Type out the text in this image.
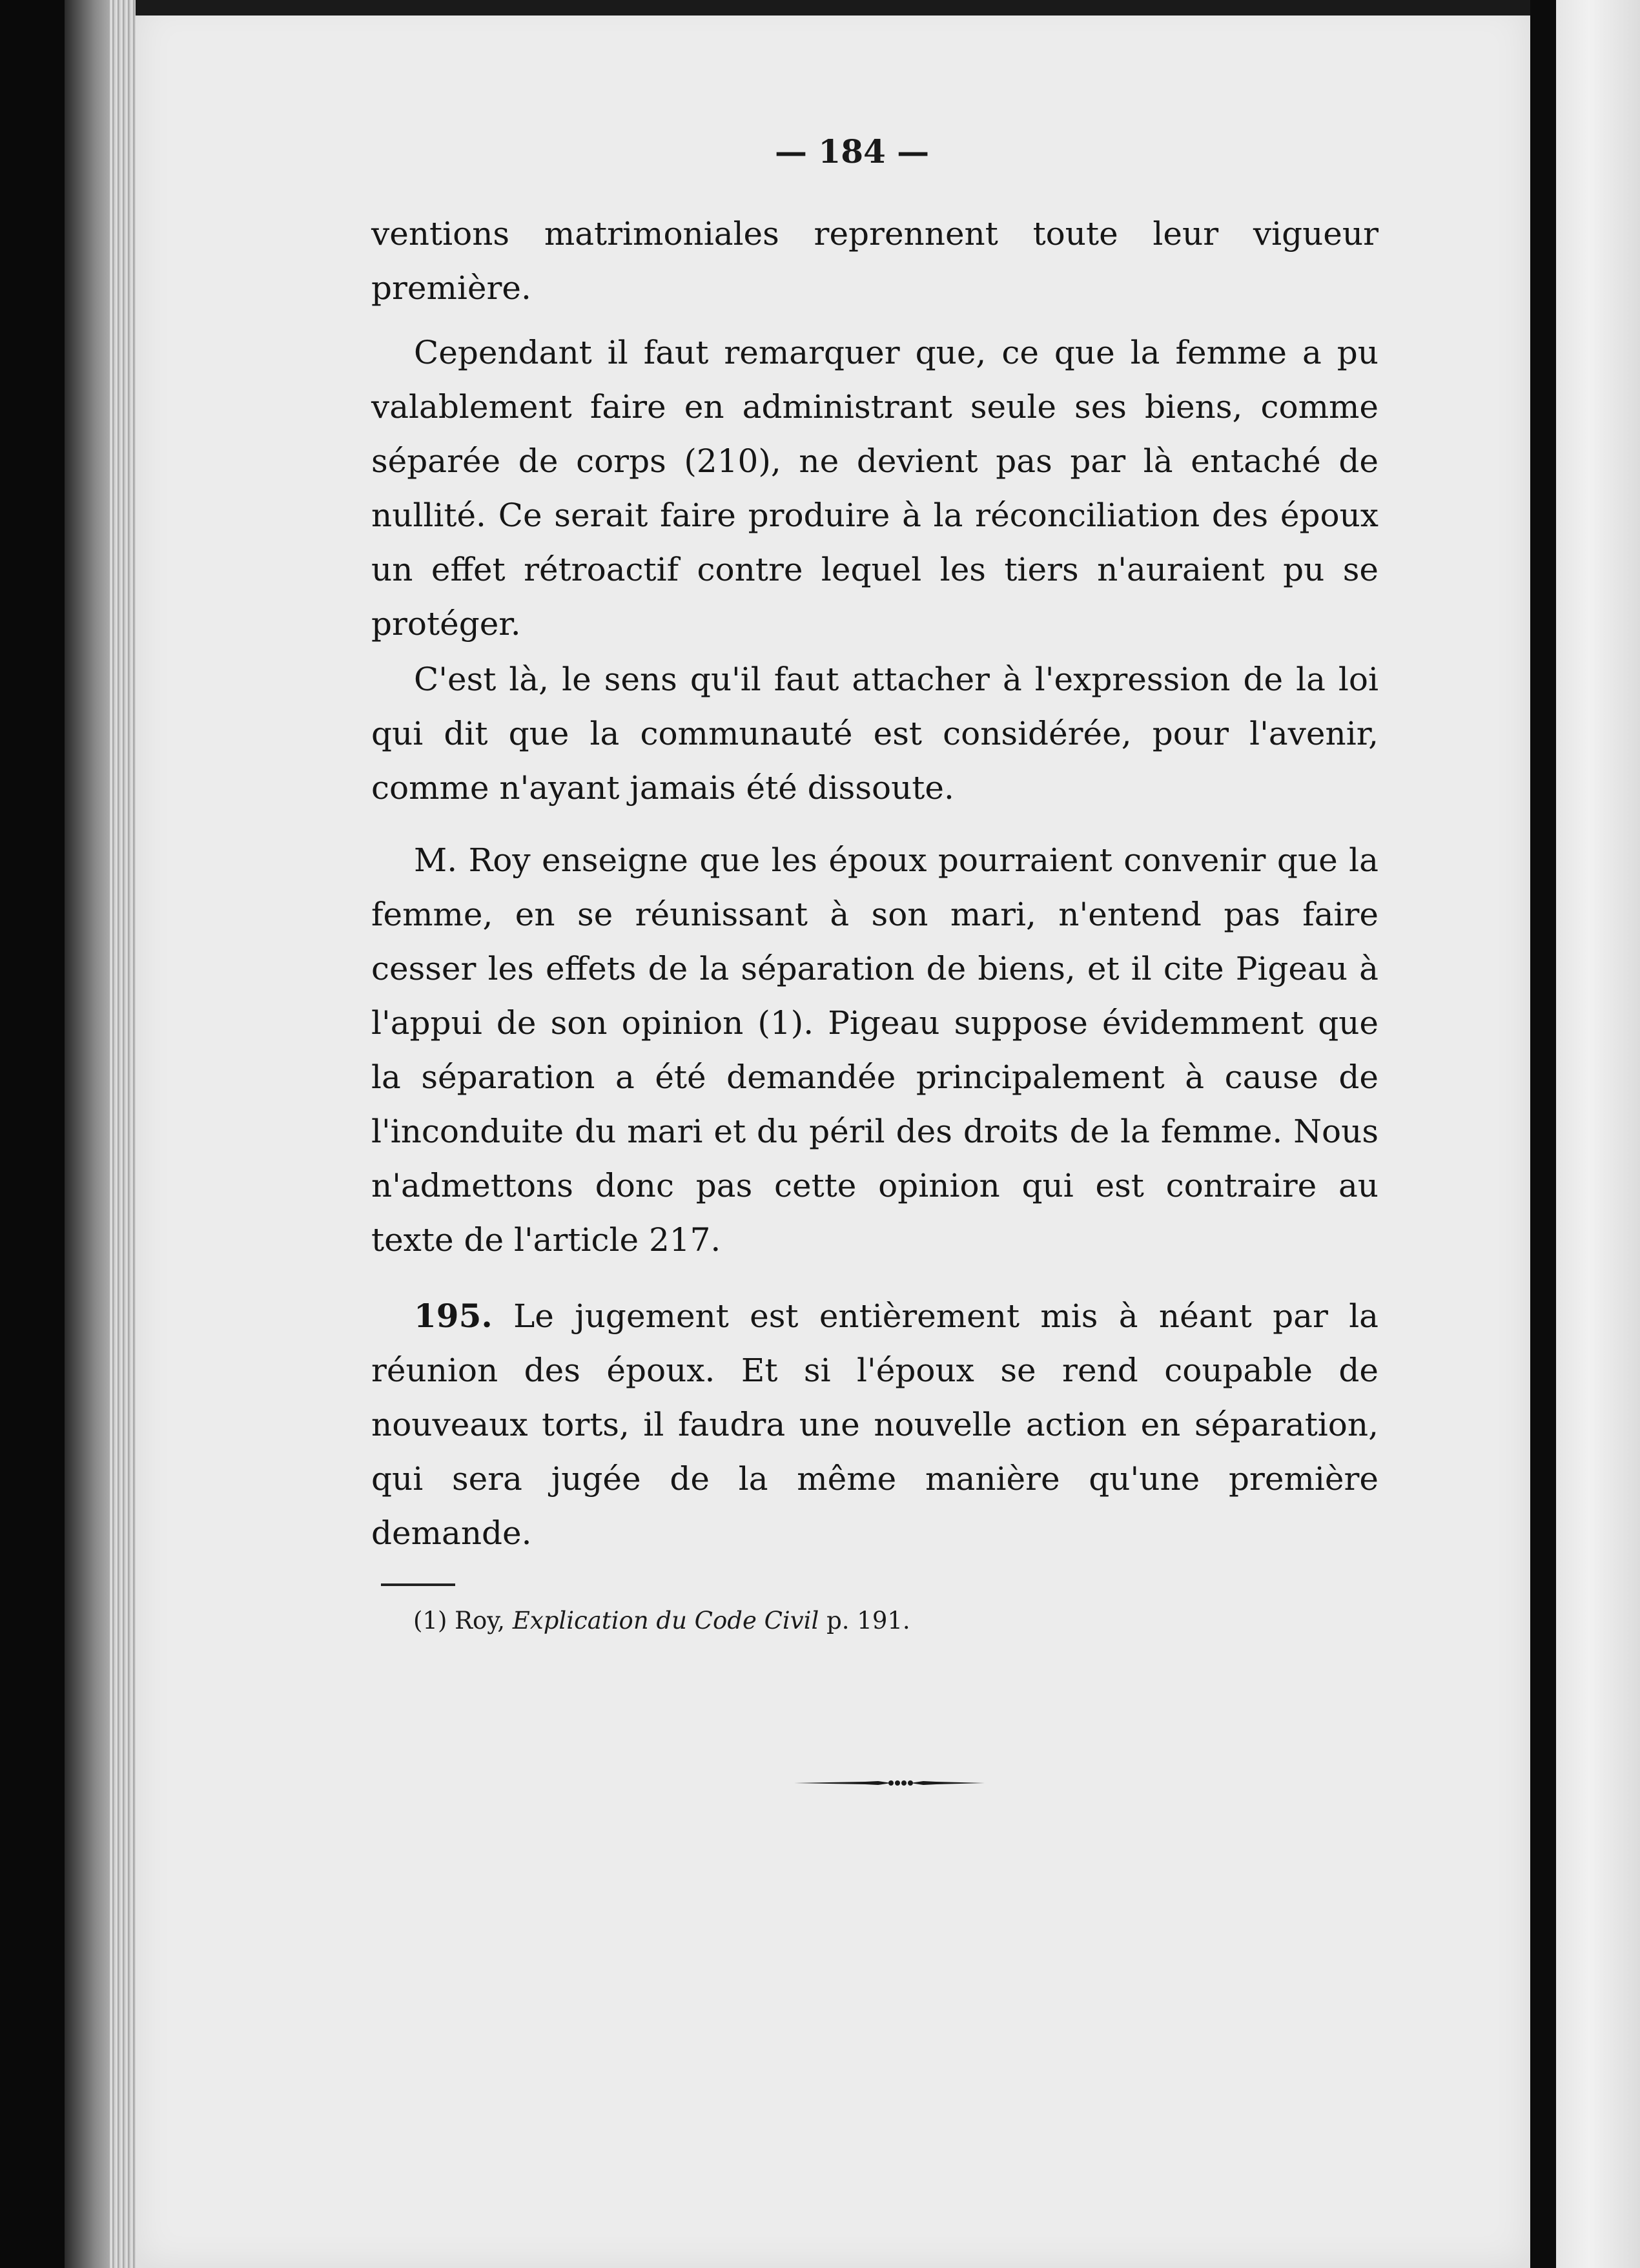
— 184 —

ventions matrimoniales reprennent toute leur vigueur première.

Cependant il faut remarquer que, ce que la femme a pu valablement faire en administrant seule ses biens, comme séparée de corps (210), ne devient pas par là entaché de nullité. Ce serait faire produire à la réconciliation des époux un effet rétroactif contre lequel les tiers n'auraient pu se protéger.

C'est là, le sens qu'il faut attacher à l'expression de la loi qui dit que la communauté est considérée, pour l'avenir, comme n'ayant jamais été dissoute.

M. Roy enseigne que les époux pourraient convenir que la femme, en se réunissant à son mari, n'entend pas faire cesser les effets de la séparation de biens, et il cite Pigeau à l'appui de son opinion (1). Pigeau suppose évidemment que la séparation a été demandée principalement à cause de l'inconduite du mari et du péril des droits de la femme. Nous n'admettons donc pas cette opinion qui est contraire au texte de l'article 217.

195. Le jugement est entièrement mis à néant par la réunion des époux. Et si l'époux se rend coupable de nouveaux torts, il faudra une nouvelle action en séparation, qui sera jugée de la même manière qu'une première demande.

(1) Roy, Explication du Code Civil p. 191.
